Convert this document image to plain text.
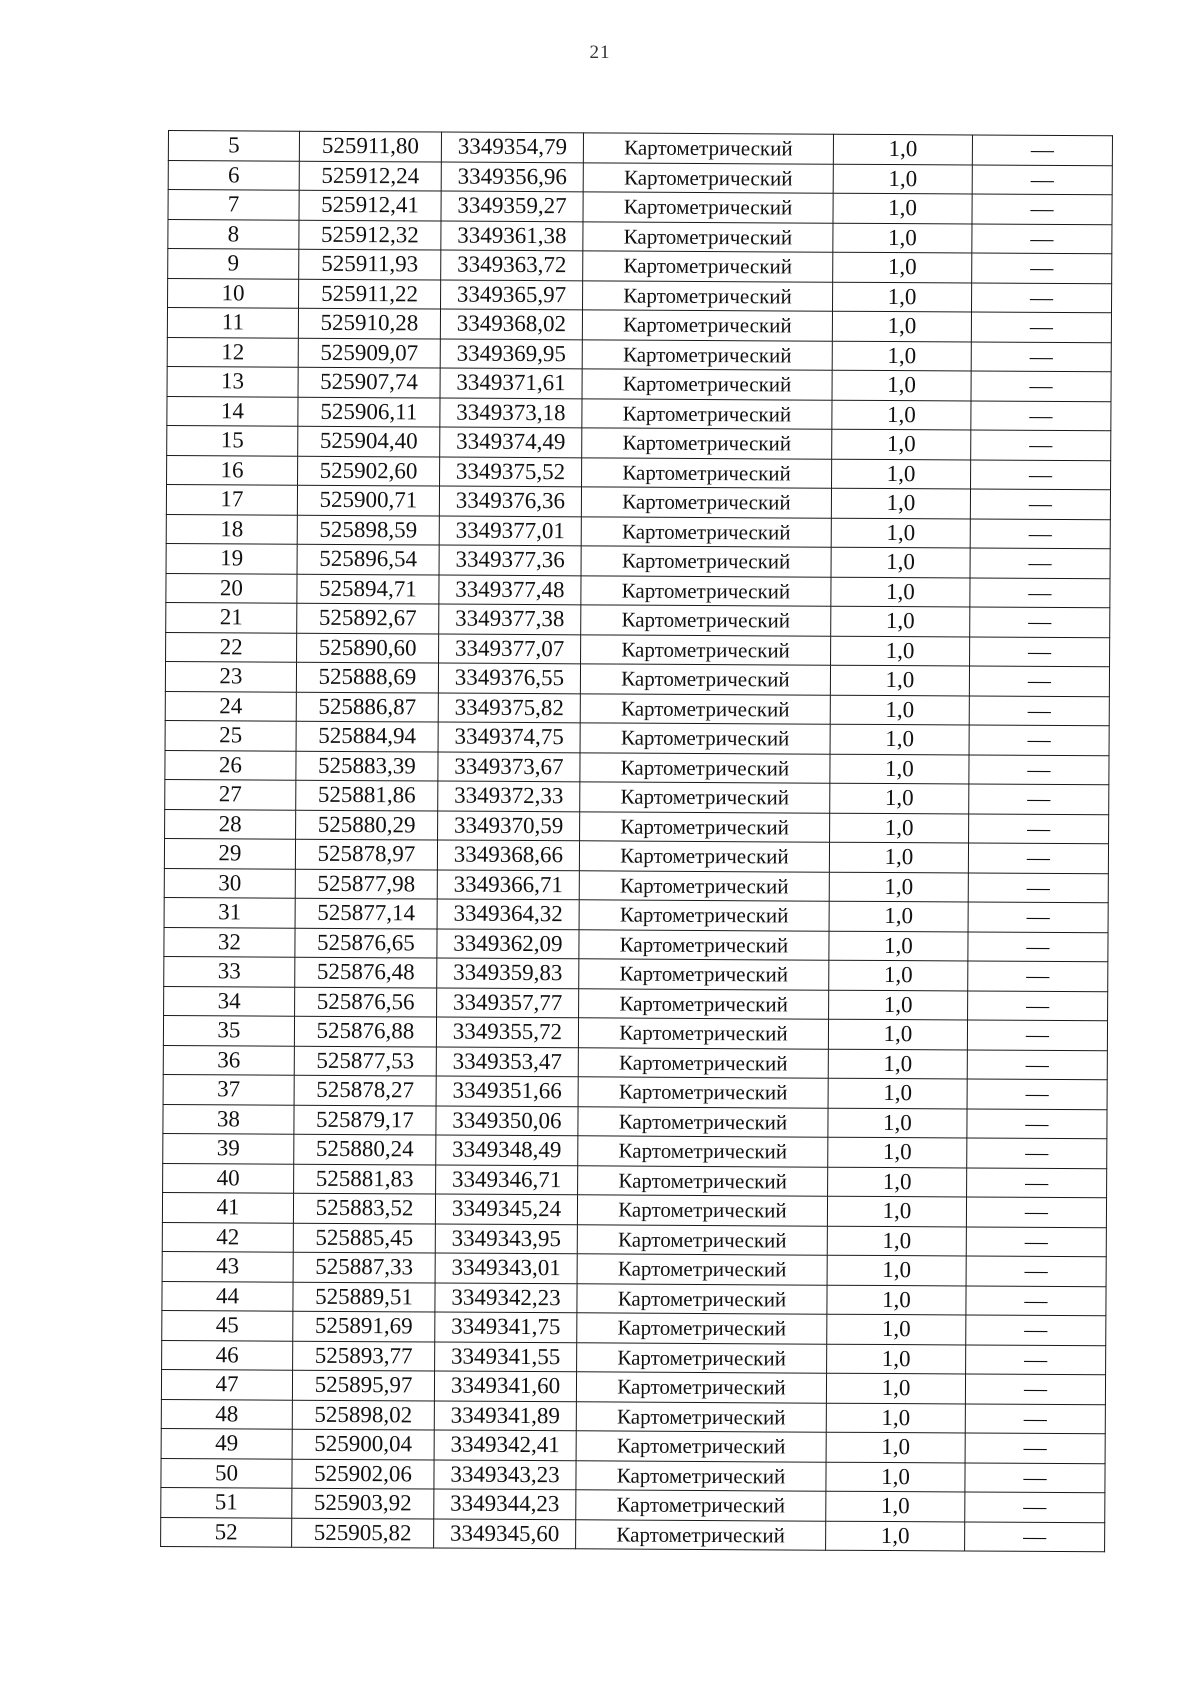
21
5	525911,80	3349354,79	Картометрический	1,0	—
6	525912,24	3349356,96	Картометрический	1,0	—
7	525912,41	3349359,27	Картометрический	1,0	—
8	525912,32	3349361,38	Картометрический	1,0	—
9	525911,93	3349363,72	Картометрический	1,0	—
10	525911,22	3349365,97	Картометрический	1,0	—
11	525910,28	3349368,02	Картометрический	1,0	—
12	525909,07	3349369,95	Картометрический	1,0	—
13	525907,74	3349371,61	Картометрический	1,0	—
14	525906,11	3349373,18	Картометрический	1,0	—
15	525904,40	3349374,49	Картометрический	1,0	—
16	525902,60	3349375,52	Картометрический	1,0	—
17	525900,71	3349376,36	Картометрический	1,0	—
18	525898,59	3349377,01	Картометрический	1,0	—
19	525896,54	3349377,36	Картометрический	1,0	—
20	525894,71	3349377,48	Картометрический	1,0	—
21	525892,67	3349377,38	Картометрический	1,0	—
22	525890,60	3349377,07	Картометрический	1,0	—
23	525888,69	3349376,55	Картометрический	1,0	—
24	525886,87	3349375,82	Картометрический	1,0	—
25	525884,94	3349374,75	Картометрический	1,0	—
26	525883,39	3349373,67	Картометрический	1,0	—
27	525881,86	3349372,33	Картометрический	1,0	—
28	525880,29	3349370,59	Картометрический	1,0	—
29	525878,97	3349368,66	Картометрический	1,0	—
30	525877,98	3349366,71	Картометрический	1,0	—
31	525877,14	3349364,32	Картометрический	1,0	—
32	525876,65	3349362,09	Картометрический	1,0	—
33	525876,48	3349359,83	Картометрический	1,0	—
34	525876,56	3349357,77	Картометрический	1,0	—
35	525876,88	3349355,72	Картометрический	1,0	—
36	525877,53	3349353,47	Картометрический	1,0	—
37	525878,27	3349351,66	Картометрический	1,0	—
38	525879,17	3349350,06	Картометрический	1,0	—
39	525880,24	3349348,49	Картометрический	1,0	—
40	525881,83	3349346,71	Картометрический	1,0	—
41	525883,52	3349345,24	Картометрический	1,0	—
42	525885,45	3349343,95	Картометрический	1,0	—
43	525887,33	3349343,01	Картометрический	1,0	—
44	525889,51	3349342,23	Картометрический	1,0	—
45	525891,69	3349341,75	Картометрический	1,0	—
46	525893,77	3349341,55	Картометрический	1,0	—
47	525895,97	3349341,60	Картометрический	1,0	—
48	525898,02	3349341,89	Картометрический	1,0	—
49	525900,04	3349342,41	Картометрический	1,0	—
50	525902,06	3349343,23	Картометрический	1,0	—
51	525903,92	3349344,23	Картометрический	1,0	—
52	525905,82	3349345,60	Картометрический	1,0	—
